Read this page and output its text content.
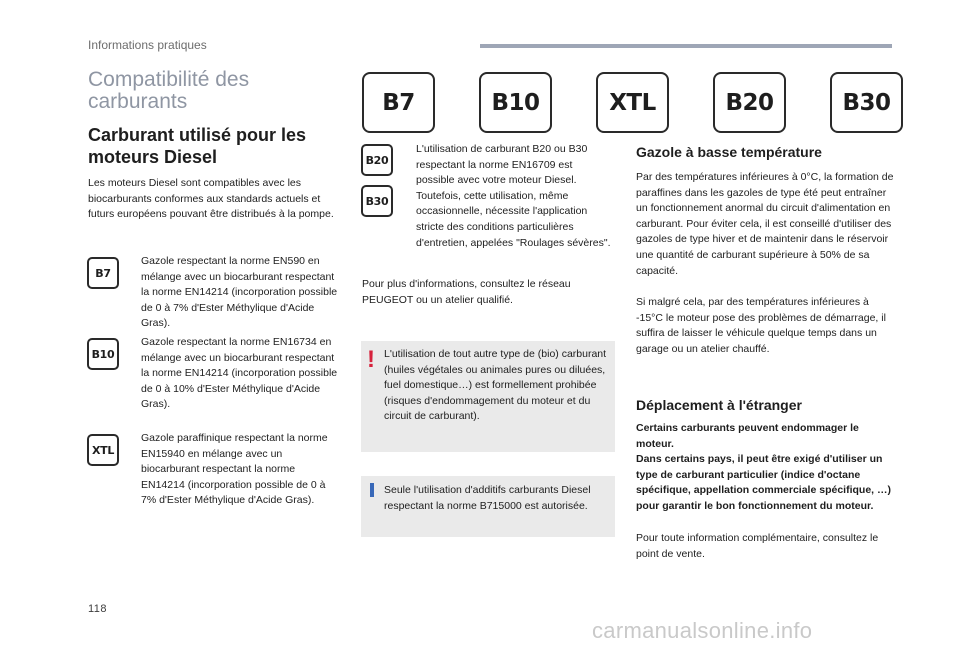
Informations pratiques
Compatibilité des carburants
Carburant utilisé pour les moteurs Diesel
Les moteurs Diesel sont compatibles avec les biocarburants conformes aux standards actuels et futurs européens pouvant être distribués à la pompe.
B7
Gazole respectant la norme EN590 en mélange avec un biocarburant respectant la norme EN14214 (incorporation possible de 0 à 7% d'Ester Méthylique d'Acide Gras).
B10
Gazole respectant la norme EN16734 en mélange avec un biocarburant respectant la norme EN14214 (incorporation possible de 0 à 10% d'Ester Méthylique d'Acide Gras).
XTL
Gazole paraffinique respectant la norme EN15940 en mélange avec un biocarburant respectant la norme EN14214 (incorporation possible de 0 à 7% d'Ester Méthylique d'Acide Gras).
B7	B10	XTL	B20	B30
B20
B30
L'utilisation de carburant B20 ou B30 respectant la norme EN16709 est possible avec votre moteur Diesel. Toutefois, cette utilisation, même occasionnelle, nécessite l'application stricte des conditions particulières d'entretien, appelées "Roulages sévères".
Pour plus d'informations, consultez le réseau PEUGEOT ou un atelier qualifié.
! L'utilisation de tout autre type de (bio) carburant (huiles végétales ou animales pures ou diluées, fuel domestique…) est formellement prohibée (risques d'endommagement du moteur et du circuit de carburant).
Seule l'utilisation d'additifs carburants Diesel respectant la norme B715000 est autorisée.
Gazole à basse température
Par des températures inférieures à 0°C, la formation de paraffines dans les gazoles de type été peut entraîner un fonctionnement anormal du circuit d'alimentation en carburant. Pour éviter cela, il est conseillé d'utiliser des gazoles de type hiver et de maintenir dans le réservoir une quantité de carburant supérieure à 50% de sa capacité.
Si malgré cela, par des températures inférieures à -15°C le moteur pose des problèmes de démarrage, il suffira de laisser le véhicule quelque temps dans un garage ou un atelier chauffé.
Déplacement à l'étranger
Certains carburants peuvent endommager le moteur.
Dans certains pays, il peut être exigé d'utiliser un type de carburant particulier (indice d'octane spécifique, appellation commerciale spécifique, …) pour garantir le bon fonctionnement du moteur.
Pour toute information complémentaire, consultez le point de vente.
118
carmanualsonline.info
